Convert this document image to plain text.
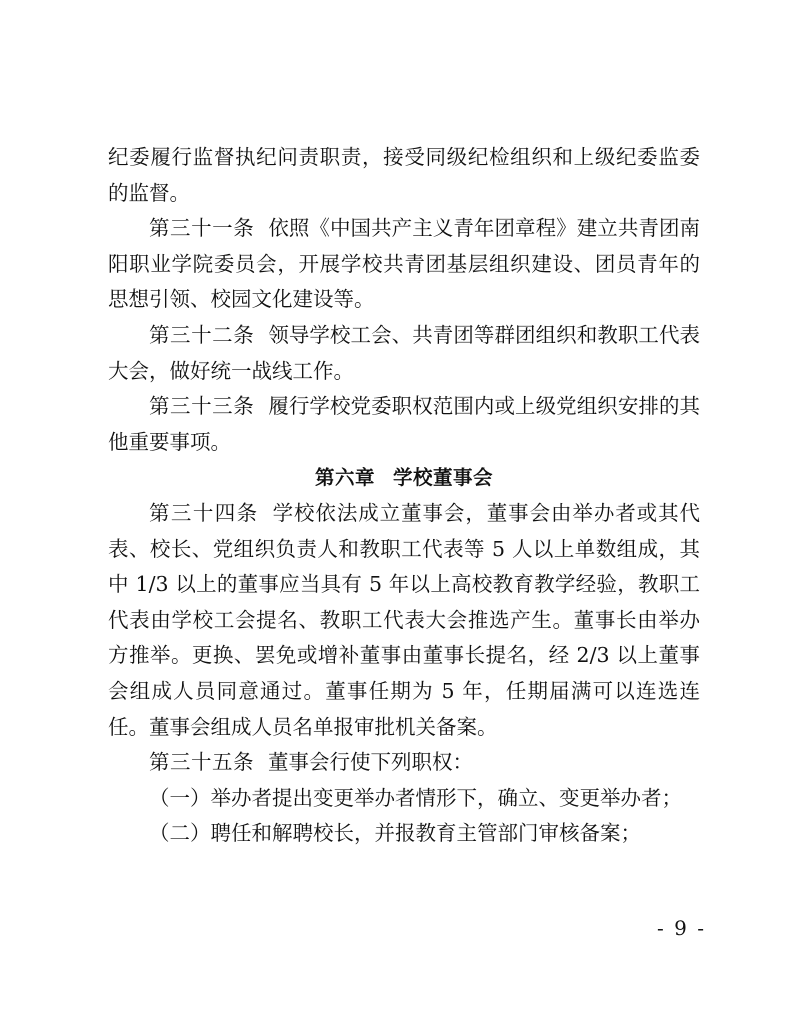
纪委履行监督执纪问责职责，接受同级纪检组织和上级纪委监委的监督。

第三十一条 依照《中国共产主义青年团章程》建立共青团南阳职业学院委员会，开展学校共青团基层组织建设、团员青年的思想引领、校园文化建设等。

第三十二条 领导学校工会、共青团等群团组织和教职工代表大会，做好统一战线工作。

第三十三条 履行学校党委职权范围内或上级党组织安排的其他重要事项。

第六章 学校董事会

第三十四条 学校依法成立董事会，董事会由举办者或其代表、校长、党组织负责人和教职工代表等 5 人以上单数组成，其中 1/3 以上的董事应当具有 5 年以上高校教育教学经验，教职工代表由学校工会提名、教职工代表大会推选产生。董事长由举办方推举。更换、罢免或增补董事由董事长提名，经 2/3 以上董事会组成人员同意通过。董事任期为 5 年，任期届满可以连选连任。董事会组成人员名单报审批机关备案。

第三十五条 董事会行使下列职权：

（一）举办者提出变更举办者情形下，确立、变更举办者；

（二）聘任和解聘校长，并报教育主管部门审核备案；

- 9 -
